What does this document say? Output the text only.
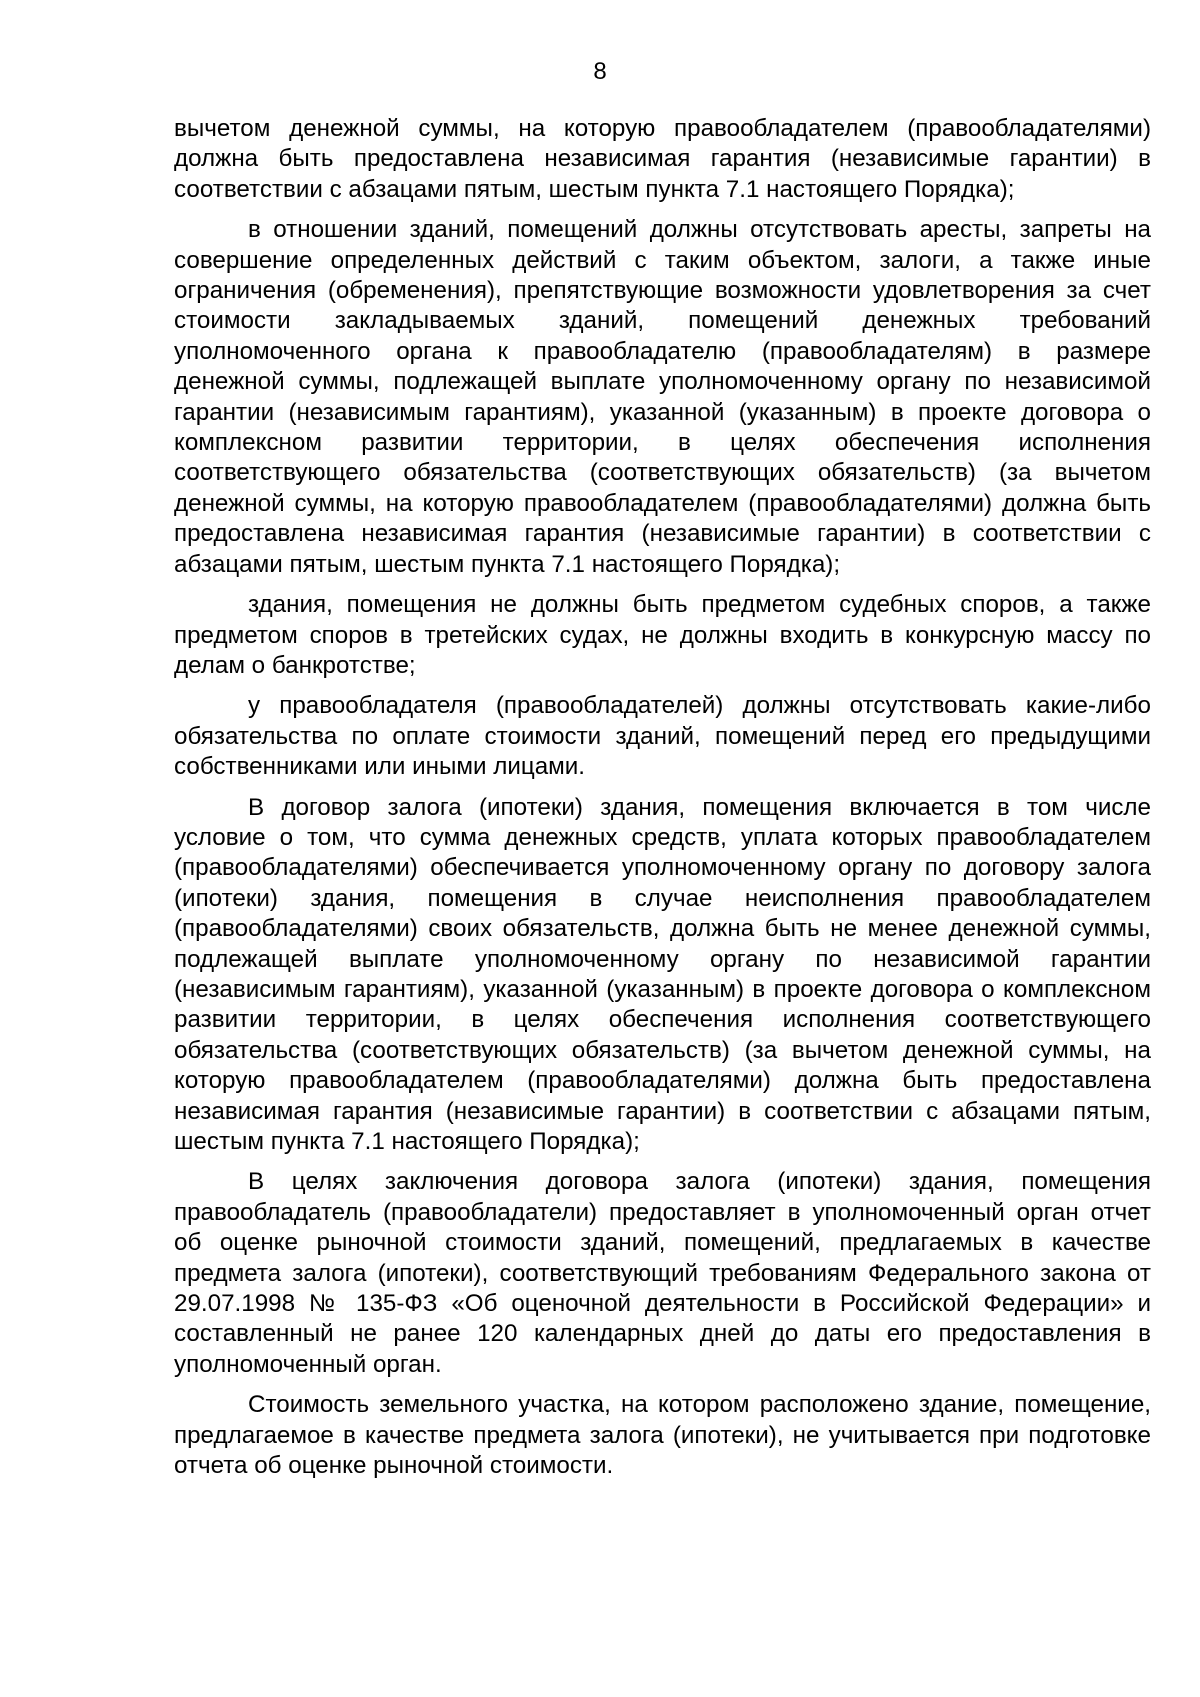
8

вычетом денежной суммы, на которую правообладателем (правообладателями) должна быть предоставлена независимая гарантия (независимые гарантии) в соответствии с абзацами пятым, шестым пункта 7.1 настоящего Порядка);

в отношении зданий, помещений должны отсутствовать аресты, запреты на совершение определенных действий с таким объектом, залоги, а также иные ограничения (обременения), препятствующие возможности удовлетворения за счет стоимости закладываемых зданий, помещений денежных требований уполномоченного органа к правообладателю (правообладателям) в размере денежной суммы, подлежащей выплате уполномоченному органу по независимой гарантии (независимым гарантиям), указанной (указанным) в проекте договора о комплексном развитии территории, в целях обеспечения исполнения соответствующего обязательства (соответствующих обязательств) (за вычетом денежной суммы, на которую правообладателем (правообладателями) должна быть предоставлена независимая гарантия (независимые гарантии) в соответствии с абзацами пятым, шестым пункта 7.1 настоящего Порядка);

здания, помещения не должны быть предметом судебных споров, а также предметом споров в третейских судах, не должны входить в конкурсную массу по делам о банкротстве;

у правообладателя (правообладателей) должны отсутствовать какие-либо обязательства по оплате стоимости зданий, помещений перед его предыдущими собственниками или иными лицами.

В договор залога (ипотеки) здания, помещения включается в том числе условие о том, что сумма денежных средств, уплата которых правообладателем (правообладателями) обеспечивается уполномоченному органу по договору залога (ипотеки) здания, помещения в случае неисполнения правообладателем (правообладателями) своих обязательств, должна быть не менее денежной суммы, подлежащей выплате уполномоченному органу по независимой гарантии (независимым гарантиям), указанной (указанным) в проекте договора о комплексном развитии территории, в целях обеспечения исполнения соответствующего обязательства (соответствующих обязательств) (за вычетом денежной суммы, на которую правообладателем (правообладателями) должна быть предоставлена независимая гарантия (независимые гарантии) в соответствии с абзацами пятым, шестым пункта 7.1 настоящего Порядка);

В целях заключения договора залога (ипотеки) здания, помещения правообладатель (правообладатели) предоставляет в уполномоченный орган отчет об оценке рыночной стоимости зданий, помещений, предлагаемых в качестве предмета залога (ипотеки), соответствующий требованиям Федерального закона от 29.07.1998 № 135-ФЗ «Об оценочной деятельности в Российской Федерации» и составленный не ранее 120 календарных дней до даты его предоставления в уполномоченный орган.

Стоимость земельного участка, на котором расположено здание, помещение, предлагаемое в качестве предмета залога (ипотеки), не учитывается при подготовке отчета об оценке рыночной стоимости.
